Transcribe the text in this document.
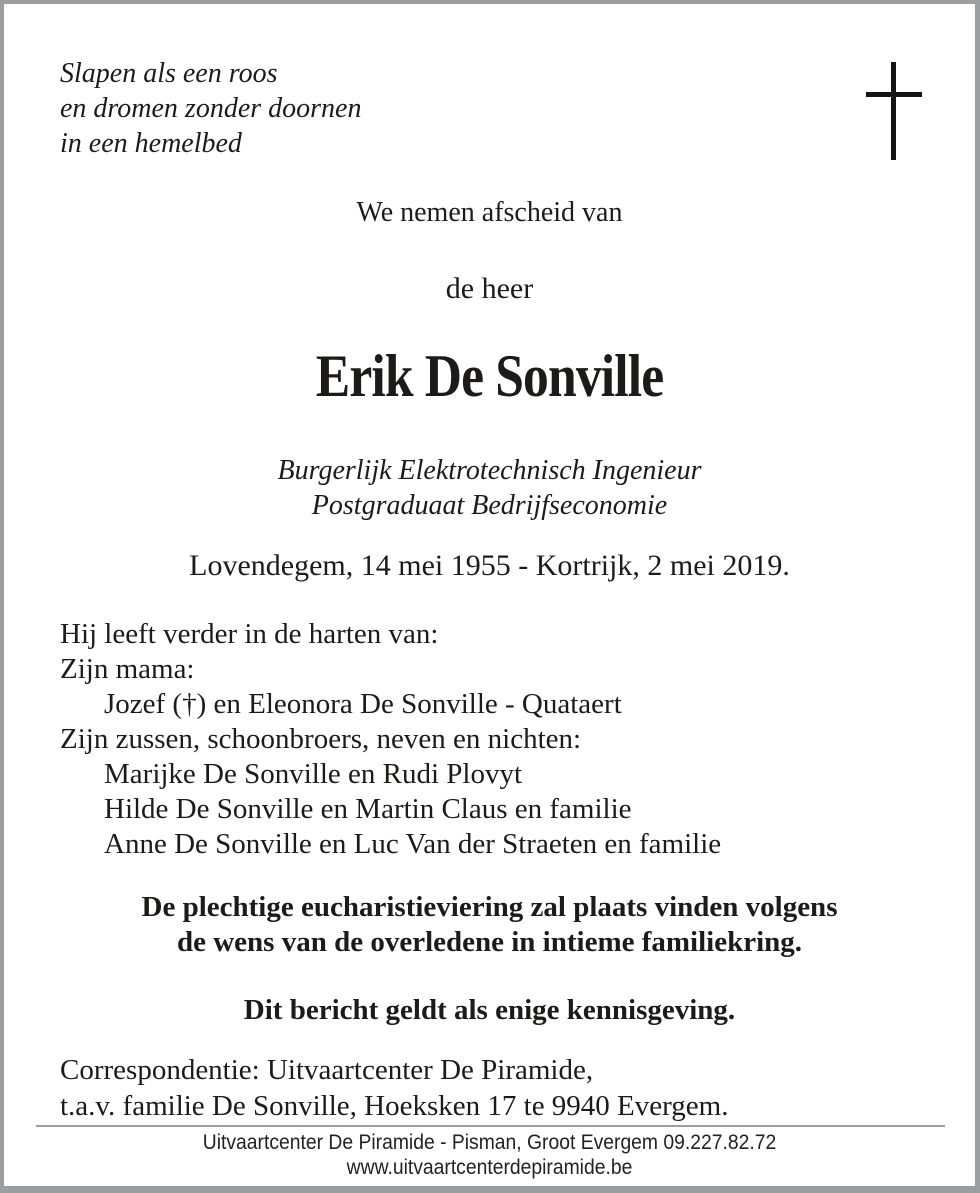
Slapen als een roos
en dromen zonder doornen
in een hemelbed
We nemen afscheid van
de heer
Erik De Sonville
Burgerlijk Elektrotechnisch Ingenieur
Postgraduaat Bedrijfseconomie
Lovendegem, 14 mei 1955 - Kortrijk, 2 mei 2019.
Hij leeft verder in de harten van:
Zijn mama:
Jozef (†) en Eleonora De Sonville - Quataert
Zijn zussen, schoonbroers, neven en nichten:
Marijke De Sonville en Rudi Plovyt
Hilde De Sonville en Martin Claus en familie
Anne De Sonville en Luc Van der Straeten en familie
De plechtige eucharistieviering zal plaats vinden volgens
de wens van de overledene in intieme familiekring.
Dit bericht geldt als enige kennisgeving.
Correspondentie: Uitvaartcenter De Piramide,
t.a.v. familie De Sonville, Hoeksken 17 te 9940 Evergem.
Uitvaartcenter De Piramide - Pisman, Groot Evergem 09.227.82.72
www.uitvaartcenterdepiramide.be
